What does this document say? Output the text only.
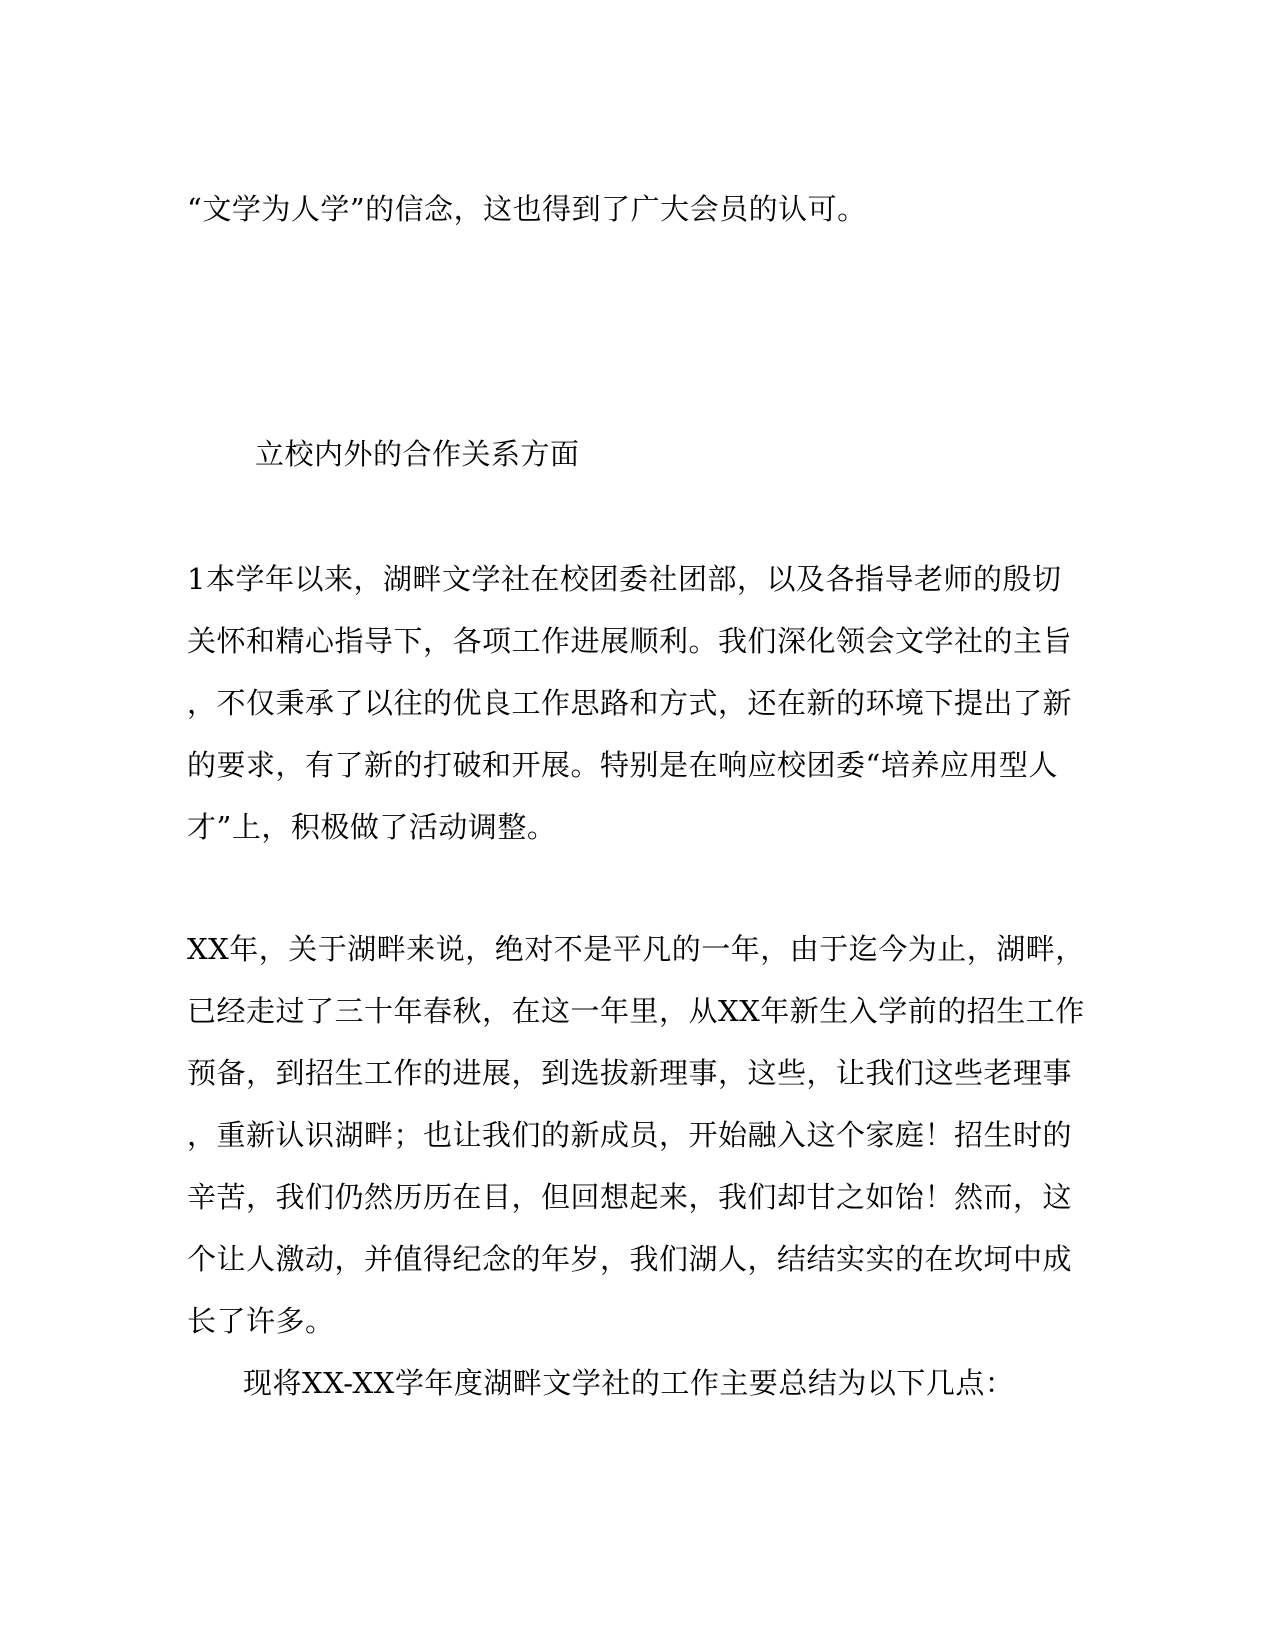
“文学为人学”的信念，这也得到了广大会员的认可。

立校内外的合作关系方面

1本学年以来，湖畔文学社在校团委社团部，以及各指导老师的殷切

关怀和精心指导下，各项工作进展顺利。我们深化领会文学社的主旨

，不仅秉承了以往的优良工作思路和方式，还在新的环境下提出了新

的要求，有了新的打破和开展。特别是在响应校团委“培养应用型人

才”上，积极做了活动调整。

XX年，关于湖畔来说，绝对不是平凡的一年，由于迄今为止，湖畔，

已经走过了三十年春秋，在这一年里，从XX年新生入学前的招生工作

预备，到招生工作的进展，到选拔新理事，这些，让我们这些老理事

，重新认识湖畔；也让我们的新成员，开始融入这个家庭！招生时的

辛苦，我们仍然历历在目，但回想起来，我们却甘之如饴！然而，这

个让人激动，并值得纪念的年岁，我们湖人，结结实实的在坎坷中成

长了许多。

现将XX-XX学年度湖畔文学社的工作主要总结为以下几点：
